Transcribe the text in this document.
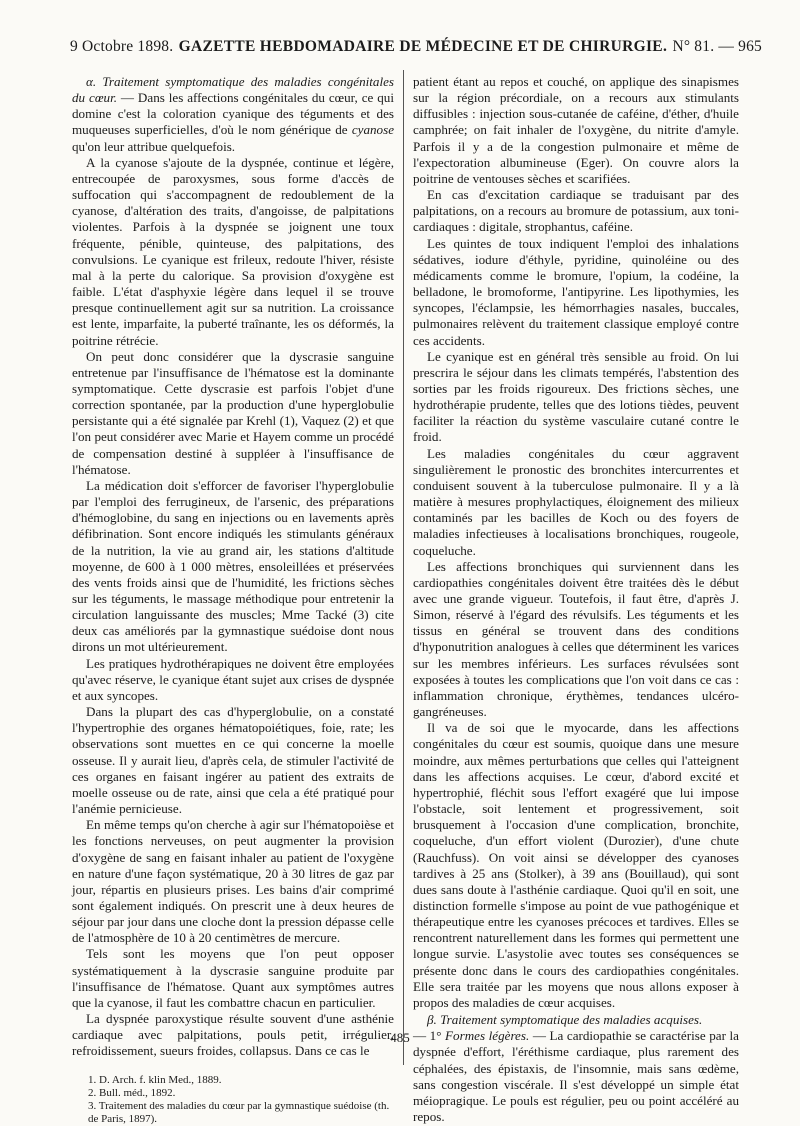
9 Octobre 1898. GAZETTE HEBDOMADAIRE DE MÉDECINE ET DE CHIRURGIE. N° 81. — 965

α. Traitement symptomatique des maladies congénitales du cœur. — Dans les affections congénitales du cœur, ce qui domine c'est la coloration cyanique des téguments et des muqueuses superficielles, d'où le nom générique de cyanose qu'on leur attribue quelquefois.

A la cyanose s'ajoute de la dyspnée, continue et légère, entrecoupée de paroxysmes, sous forme d'accès de suffocation qui s'accompagnent de redoublement de la cyanose, d'altération des traits, d'angoisse, de palpitations violentes. Parfois à la dyspnée se joignent une toux fréquente, pénible, quinteuse, des palpitations, des convulsions. Le cyanique est frileux, redoute l'hiver, résiste mal à la perte du calorique. Sa provision d'oxygène est faible. L'état d'asphyxie légère dans lequel il se trouve presque continuellement agit sur sa nutrition. La croissance est lente, imparfaite, la puberté traînante, les os déformés, la poitrine rétrécie.

On peut donc considérer que la dyscrasie sanguine entretenue par l'insuffisance de l'hématose est la dominante symptomatique. Cette dyscrasie est parfois l'objet d'une correction spontanée, par la production d'une hyperglobulie persistante qui a été signalée par Krehl (1), Vaquez (2) et que l'on peut considérer avec Marie et Hayem comme un procédé de compensation destiné à suppléer à l'insuffisance de l'hématose.

La médication doit s'efforcer de favoriser l'hyperglobulie par l'emploi des ferrugineux, de l'arsenic, des préparations d'hémoglobine, du sang en injections ou en lavements après défibrination. Sont encore indiqués les stimulants généraux de la nutrition, la vie au grand air, les stations d'altitude moyenne, de 600 à 1 000 mètres, ensoleillées et préservées des vents froids ainsi que de l'humidité, les frictions sèches sur les téguments, le massage méthodique pour entretenir la circulation languissante des muscles; Mme Tacké (3) cite deux cas améliorés par la gymnastique suédoise dont nous dirons un mot ultérieurement.

Les pratiques hydrothérapiques ne doivent être employées qu'avec réserve, le cyanique étant sujet aux crises de dyspnée et aux syncopes.

Dans la plupart des cas d'hyperglobulie, on a constaté l'hypertrophie des organes hématopoiétiques, foie, rate; les observations sont muettes en ce qui concerne la moelle osseuse. Il y aurait lieu, d'après cela, de stimuler l'activité de ces organes en faisant ingérer au patient des extraits de moelle osseuse ou de rate, ainsi que cela a été pratiqué pour l'anémie pernicieuse.

En même temps qu'on cherche à agir sur l'hématopoièse et les fonctions nerveuses, on peut augmenter la provision d'oxygène de sang en faisant inhaler au patient de l'oxygène en nature d'une façon systématique, 20 à 30 litres de gaz par jour, répartis en plusieurs prises. Les bains d'air comprimé sont également indiqués. On prescrit une à deux heures de séjour par jour dans une cloche dont la pression dépasse celle de l'atmosphère de 10 à 20 centimètres de mercure.

Tels sont les moyens que l'on peut opposer systématiquement à la dyscrasie sanguine produite par l'insuffisance de l'hématose. Quant aux symptômes autres que la cyanose, il faut les combattre chacun en particulier.

La dyspnée paroxystique résulte souvent d'une asthénie cardiaque avec palpitations, pouls petit, irrégulier, refroidissement, sueurs froides, collapsus. Dans ce cas le

1. D. Arch. f. klin Med., 1889.
2. Bull. méd., 1892.
3. Traitement des maladies du cœur par la gymnastique suédoise (th. de Paris, 1897).

patient étant au repos et couché, on applique des sinapismes sur la région précordiale, on a recours aux stimulants diffusibles : injection sous-cutanée de caféine, d'éther, d'huile camphrée; on fait inhaler de l'oxygène, du nitrite d'amyle. Parfois il y a de la congestion pulmonaire et même de l'expectoration albumineuse (Eger). On couvre alors la poitrine de ventouses sèches et scarifiées.

En cas d'excitation cardiaque se traduisant par des palpitations, on a recours au bromure de potassium, aux toni-cardiaques : digitale, strophantus, caféine.

Les quintes de toux indiquent l'emploi des inhalations sédatives, iodure d'éthyle, pyridine, quinoléine ou des médicaments comme le bromure, l'opium, la codéine, la belladone, le bromoforme, l'antipyrine. Les lipothymies, les syncopes, l'éclampsie, les hémorrhagies nasales, buccales, pulmonaires relèvent du traitement classique employé contre ces accidents.

Le cyanique est en général très sensible au froid. On lui prescrira le séjour dans les climats tempérés, l'abstention des sorties par les froids rigoureux. Des frictions sèches, une hydrothérapie prudente, telles que des lotions tièdes, peuvent faciliter la réaction du système vasculaire cutané contre le froid.

Les maladies congénitales du cœur aggravent singulièrement le pronostic des bronchites intercurrentes et conduisent souvent à la tuberculose pulmonaire. Il y a là matière à mesures prophylactiques, éloignement des milieux contaminés par les bacilles de Koch ou des foyers de maladies infectieuses à localisations bronchiques, rougeole, coqueluche.

Les affections bronchiques qui surviennent dans les cardiopathies congénitales doivent être traitées dès le début avec une grande vigueur. Toutefois, il faut être, d'après J. Simon, réservé à l'égard des révulsifs. Les téguments et les tissus en général se trouvent dans des conditions d'hyponutrition analogues à celles que déterminent les varices sur les membres inférieurs. Les surfaces révulsées sont exposées à toutes les complications que l'on voit dans ce cas : inflammation chronique, érythèmes, tendances ulcéro-gangréneuses.

Il va de soi que le myocarde, dans les affections congénitales du cœur est soumis, quoique dans une mesure moindre, aux mêmes perturbations que celles qui l'atteignent dans les affections acquises. Le cœur, d'abord excité et hypertrophié, fléchit sous l'effort exagéré que lui impose l'obstacle, soit lentement et progressivement, soit brusquement à l'occasion d'une complication, bronchite, coqueluche, d'un effort violent (Durozier), d'une chute (Rauchfuss). On voit ainsi se développer des cyanoses tardives à 25 ans (Stolker), à 39 ans (Bouillaud), qui sont dues sans doute à l'asthénie cardiaque. Quoi qu'il en soit, une distinction formelle s'impose au point de vue pathogénique et thérapeutique entre les cyanoses précoces et tardives. Elles se rencontrent naturellement dans les formes qui permettent une longue survie. L'asystolie avec toutes ses conséquences se présente donc dans le cours des cardiopathies congénitales. Elle sera traitée par les moyens que nous allons exposer à propos des maladies de cœur acquises.

β. Traitement symptomatique des maladies acquises.

— 1° Formes légères. — La cardiopathie se caractérise par la dyspnée d'effort, l'éréthisme cardiaque, plus rarement des céphalées, des épistaxis, de l'insomnie, mais sans œdème, sans congestion viscérale. Il s'est développé un simple état méiopragique. Le pouls est régulier, peu ou point accéléré au repos.

485
